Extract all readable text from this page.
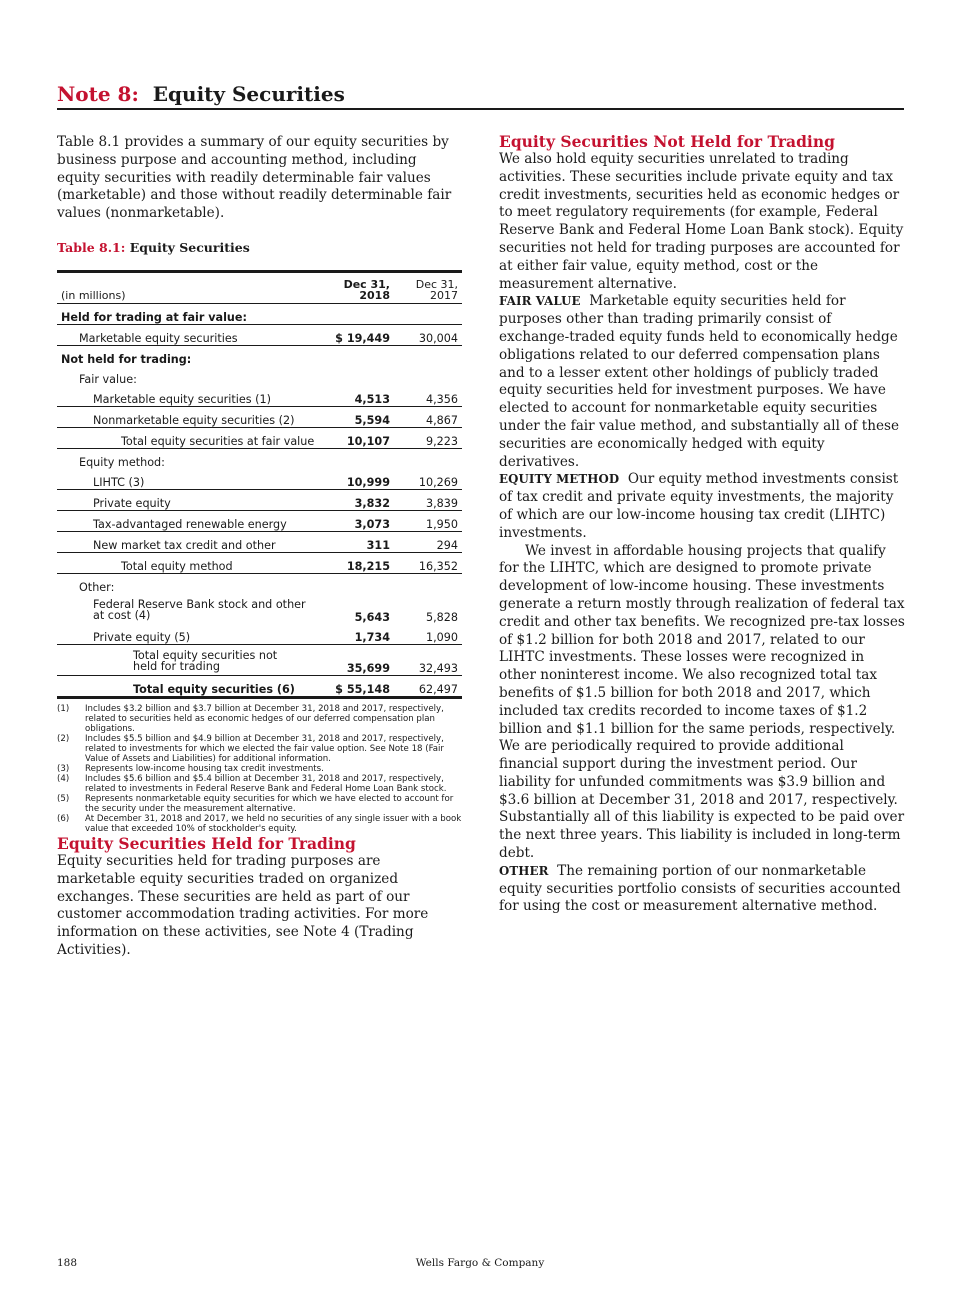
Note 8: Equity Securities

Table 8.1 provides a summary of our equity securities by business purpose and accounting method, including equity securities with readily determinable fair values (marketable) and those without readily determinable fair values (nonmarketable).

Table 8.1: Equity Securities
(in millions)	Dec 31, 2018	Dec 31, 2017
Held for trading at fair value:		
Marketable equity securities	$ 19,449	30,004
Not held for trading:		
Fair value:		
Marketable equity securities (1)	4,513	4,356
Nonmarketable equity securities (2)	5,594	4,867
Total equity securities at fair value	10,107	9,223
Equity method:		
LIHTC (3)	10,999	10,269
Private equity	3,832	3,839
Tax-advantaged renewable energy	3,073	1,950
New market tax credit and other	311	294
Total equity method	18,215	16,352
Other:		
Federal Reserve Bank stock and other at cost (4)	5,643	5,828
Private equity (5)	1,734	1,090
Total equity securities not held for trading	35,699	32,493
Total equity securities (6)	$ 55,148	62,497
(1)	Includes $3.2 billion and $3.7 billion at December 31, 2018 and 2017, respectively, related to securities held as economic hedges of our deferred compensation plan obligations.
(2)	Includes $5.5 billion and $4.9 billion at December 31, 2018 and 2017, respectively, related to investments for which we elected the fair value option. See Note 18 (Fair Value of Assets and Liabilities) for additional information.
(3)	Represents low-income housing tax credit investments.
(4)	Includes $5.6 billion and $5.4 billion at December 31, 2018 and 2017, respectively, related to investments in Federal Reserve Bank and Federal Home Loan Bank stock.
(5)	Represents nonmarketable equity securities for which we have elected to account for the security under the measurement alternative.
(6)	At December 31, 2018 and 2017, we held no securities of any single issuer with a book value that exceeded 10% of stockholder's equity.
Equity Securities Held for Trading

Equity securities held for trading purposes are marketable equity securities traded on organized exchanges. These securities are held as part of our customer accommodation trading activities. For more information on these activities, see Note 4 (Trading Activities).

Equity Securities Not Held for Trading

We also hold equity securities unrelated to trading activities. These securities include private equity and tax credit investments, securities held as economic hedges or to meet regulatory requirements (for example, Federal Reserve Bank and Federal Home Loan Bank stock). Equity securities not held for trading purposes are accounted for at either fair value, equity method, cost or the measurement alternative.

FAIR VALUE Marketable equity securities held for purposes other than trading primarily consist of exchange-traded equity funds held to economically hedge obligations related to our deferred compensation plans and to a lesser extent other holdings of publicly traded equity securities held for investment purposes. We have elected to account for nonmarketable equity securities under the fair value method, and substantially all of these securities are economically hedged with equity derivatives.

EQUITY METHOD Our equity method investments consist of tax credit and private equity investments, the majority of which are our low-income housing tax credit (LIHTC) investments.

We invest in affordable housing projects that qualify for the LIHTC, which are designed to promote private development of low-income housing. These investments generate a return mostly through realization of federal tax credit and other tax benefits. We recognized pre-tax losses of $1.2 billion for both 2018 and 2017, related to our LIHTC investments. These losses were recognized in other noninterest income. We also recognized total tax benefits of $1.5 billion for both 2018 and 2017, which included tax credits recorded to income taxes of $1.2 billion and $1.1 billion for the same periods, respectively. We are periodically required to provide additional financial support during the investment period. Our liability for unfunded commitments was $3.9 billion and $3.6 billion at December 31, 2018 and 2017, respectively. Substantially all of this liability is expected to be paid over the next three years. This liability is included in long-term debt.

OTHER The remaining portion of our nonmarketable equity securities portfolio consists of securities accounted for using the cost or measurement alternative method.

188	Wells Fargo & Company
